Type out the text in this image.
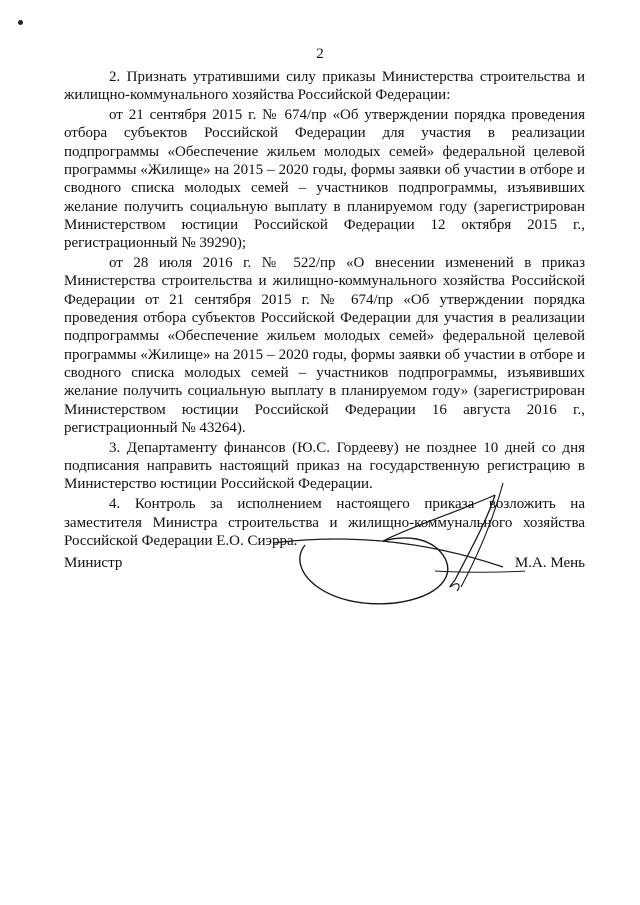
2

2. Признать утратившими силу приказы Министерства строительства и жилищно-коммунального хозяйства Российской Федерации:

от 21 сентября 2015 г. № 674/пр «Об утверждении порядка проведения отбора субъектов Российской Федерации для участия в реализации подпрограммы «Обеспечение жильем молодых семей» федеральной целевой программы «Жилище» на 2015 – 2020 годы, формы заявки об участии в отборе и сводного списка молодых семей – участников подпрограммы, изъявивших желание получить социальную выплату в планируемом году (зарегистрирован Министерством юстиции Российской Федерации 12 октября 2015 г., регистрационный № 39290);

от 28 июля 2016 г. № 522/пр «О внесении изменений в приказ Министерства строительства и жилищно-коммунального хозяйства Российской Федерации от 21 сентября 2015 г. № 674/пр «Об утверждении порядка проведения отбора субъектов Российской Федерации для участия в реализации подпрограммы «Обеспечение жильем молодых семей» федеральной целевой программы «Жилище» на 2015 – 2020 годы, формы заявки об участии в отборе и сводного списка молодых семей – участников подпрограммы, изъявивших желание получить социальную выплату в планируемом году» (зарегистрирован Министерством юстиции Российской Федерации 16 августа 2016 г., регистрационный № 43264).

3. Департаменту финансов (Ю.С. Гордееву) не позднее 10 дней со дня подписания направить настоящий приказ на государственную регистрацию в Министерство юстиции Российской Федерации.

4. Контроль за исполнением настоящего приказа возложить на заместителя Министра строительства и жилищно-коммунального хозяйства Российской Федерации Е.О. Сиэрра.

Министр	М.А. Мень
